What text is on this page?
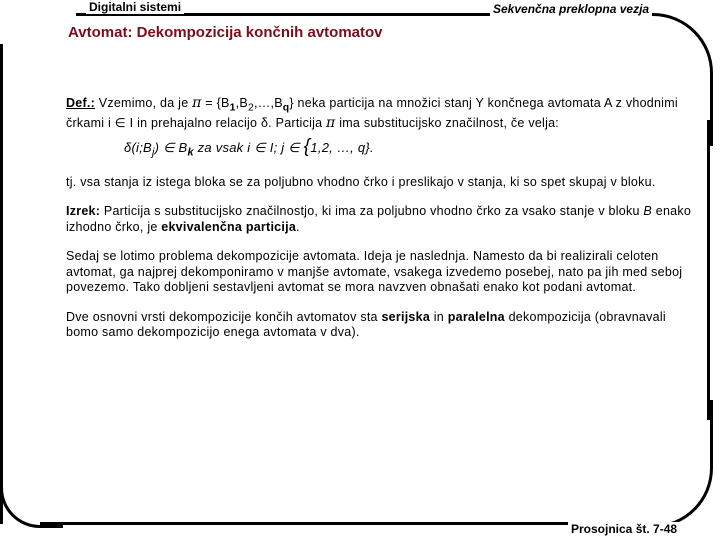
Digitalni sistemi	Sekvenčna preklopna vezja
Avtomat: Dekompozicija končnih avtomatov

Def.: Vzemimo, da je $\pi = \{B_1,B_2,\dots,B_q\}$ neka particija na množici stanj Y končnega avtomata A z vhodnimi črkami i ∈ I in prehajalno relacijo δ. Particija π ima substitucijsko značilnost, če velja:

$\delta(i;B_j)$ ∈ $B_k$ za vsak i ∈ I; j ∈ {1,2, …, q}.

tj. vsa stanja iz istega bloka se za poljubno vhodno črko i preslikajo v stanja, ki so spet skupaj v bloku.

Izrek: Particija s substitucijsko značilnostjo, ki ima za poljubno vhodno črko za vsako stanje v bloku B enako izhodno črko, je ekvivalenčna particija.

Sedaj se lotimo problema dekompozicije avtomata. Ideja je naslednja. Namesto da bi realizirali celoten avtomat, ga najprej dekomponiramo v manjše avtomate, vsakega izvedemo posebej, nato pa jih med seboj povezemo. Tako dobljeni sestavljeni avtomat se mora navzven obnašati enako kot podani avtomat.

Dve osnovni vrsti dekompozicije končih avtomatov sta serijska in paralelna dekompozicija (obravnavali bomo samo dekompozicijo enega avtomata v dva).

Prosojnica št. 7-48
